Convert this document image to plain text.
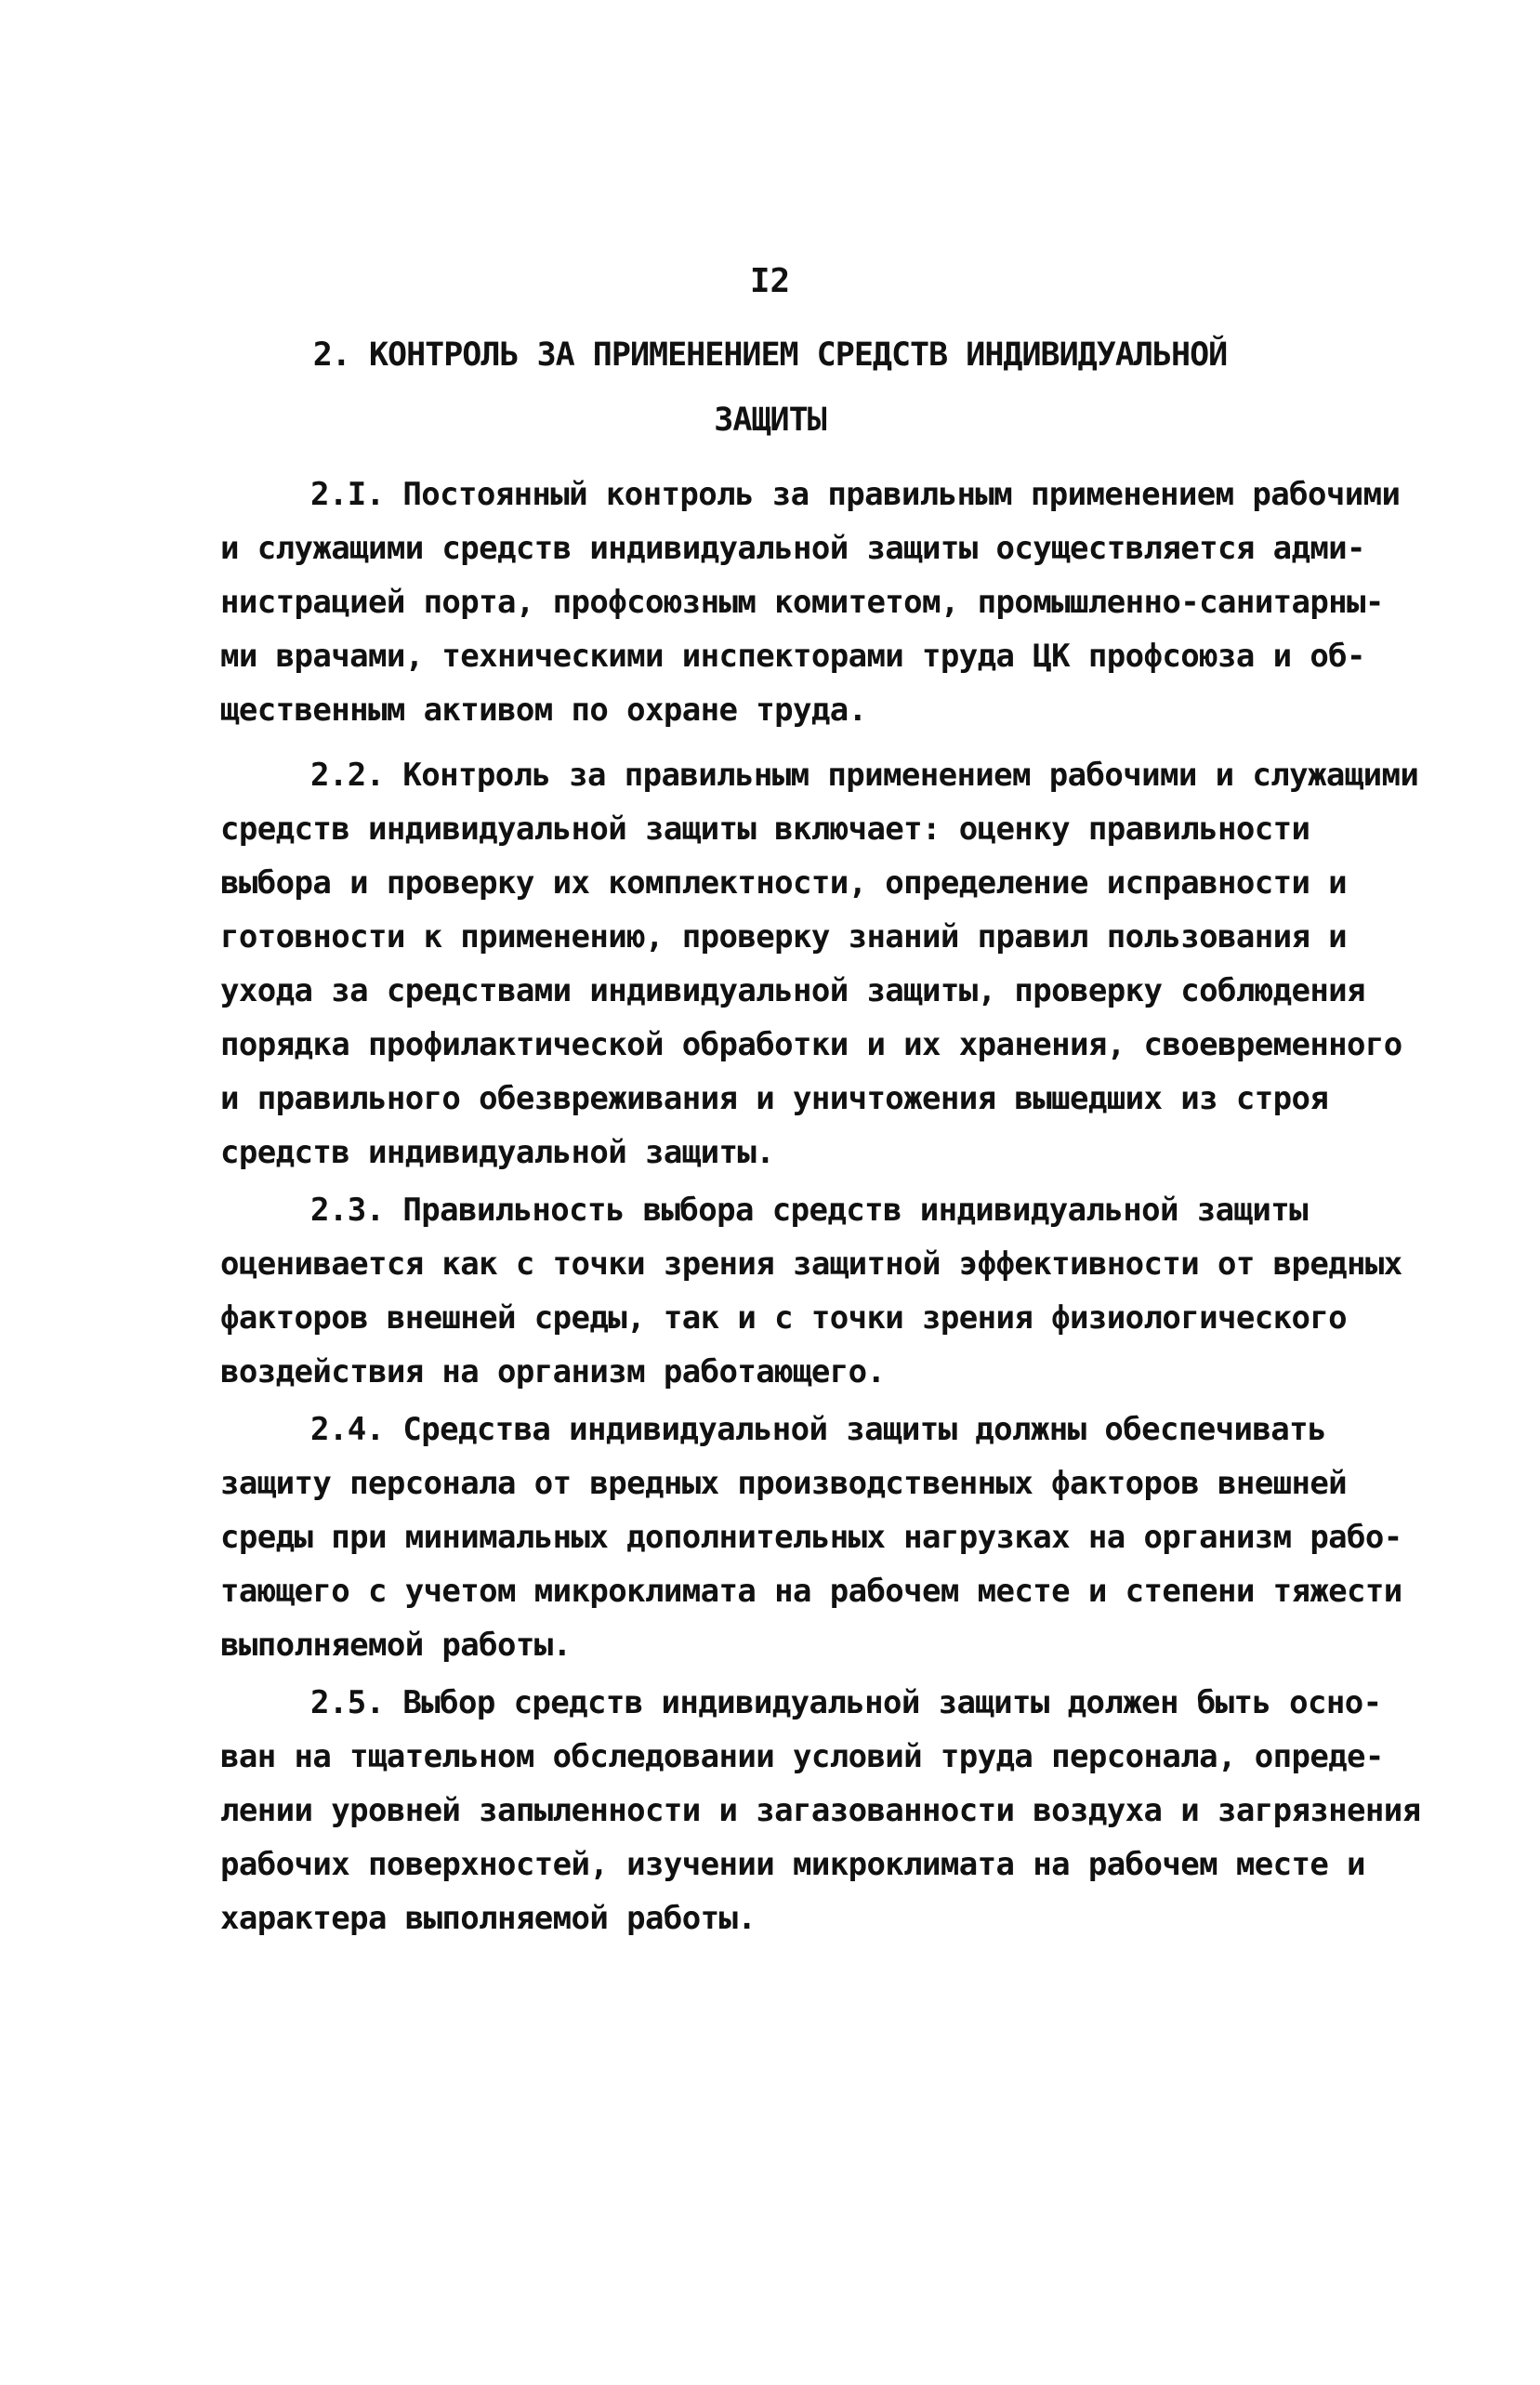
I2
2. КОНТРОЛЬ ЗА ПРИМЕНЕНИЕМ СРЕДСТВ ИНДИВИДУАЛЬНОЙ
ЗАЩИТЫ
2.I. Постоянный контроль за правильным применением рабочими
и служащими средств индивидуальной защиты осуществляется адми-
нистрацией порта, профсоюзным комитетом, промышленно-санитарны-
ми врачами, техническими инспекторами труда ЦК профсоюза и об-
щественным активом по охране труда.
2.2. Контроль за правильным применением рабочими и служащими
средств индивидуальной защиты включает: оценку правильности
выбора и проверку их комплектности, определение исправности и
готовности к применению, проверку знаний правил пользования и
ухода за средствами индивидуальной защиты, проверку соблюдения
порядка профилактической обработки и их хранения, своевременного
и правильного обезвреживания и уничтожения вышедших из строя
средств индивидуальной защиты.
2.3. Правильность выбора средств индивидуальной защиты
оценивается как с точки зрения защитной эффективности от вредных
факторов внешней среды, так и с точки зрения физиологического
воздействия на организм работающего.
2.4. Средства индивидуальной защиты должны обеспечивать
защиту персонала от вредных производственных факторов внешней
среды при минимальных дополнительных нагрузках на организм рабо-
тающего с учетом микроклимата на рабочем месте и степени тяжести
выполняемой работы.
2.5. Выбор средств индивидуальной защиты должен быть осно-
ван на тщательном обследовании условий труда персонала, опреде-
лении уровней запыленности и загазованности воздуха и загрязнения
рабочих поверхностей, изучении микроклимата на рабочем месте и
характера выполняемой работы.
